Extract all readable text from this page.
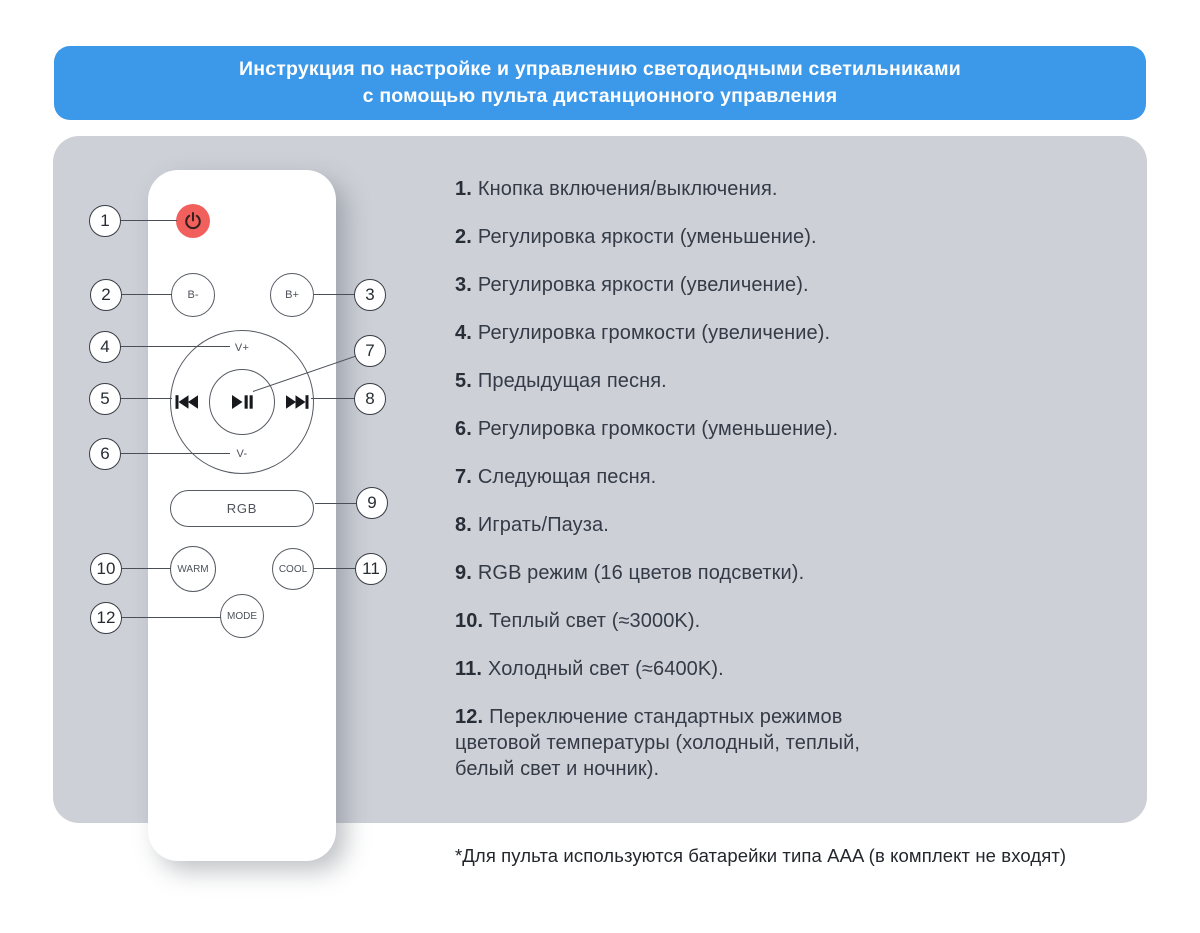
Инструкция по настройке и управлению светодиодными светильниками
с помощью пульта дистанционного управления
B-	B+
V+
V-
RGB
WARM	COOL
MODE
1
2	3
4
5
6
7
8
9
10	11
12
1. Кнопка включения/выключения.
2. Регулировка яркости (уменьшение).
3. Регулировка яркости (увеличение).
4. Регулировка громкости (увеличение).
5. Предыдущая песня.
6. Регулировка громкости (уменьшение).
7. Следующая песня.
8. Играть/Пауза.
9. RGB режим (16 цветов подсветки).
10. Теплый свет (≈3000K).
11. Холодный свет (≈6400K).
12. Переключение стандартных режимов цветовой температуры (холодный, теплый, белый свет и ночник).
*Для пульта используются батарейки типа AAA (в комплект не входят)
